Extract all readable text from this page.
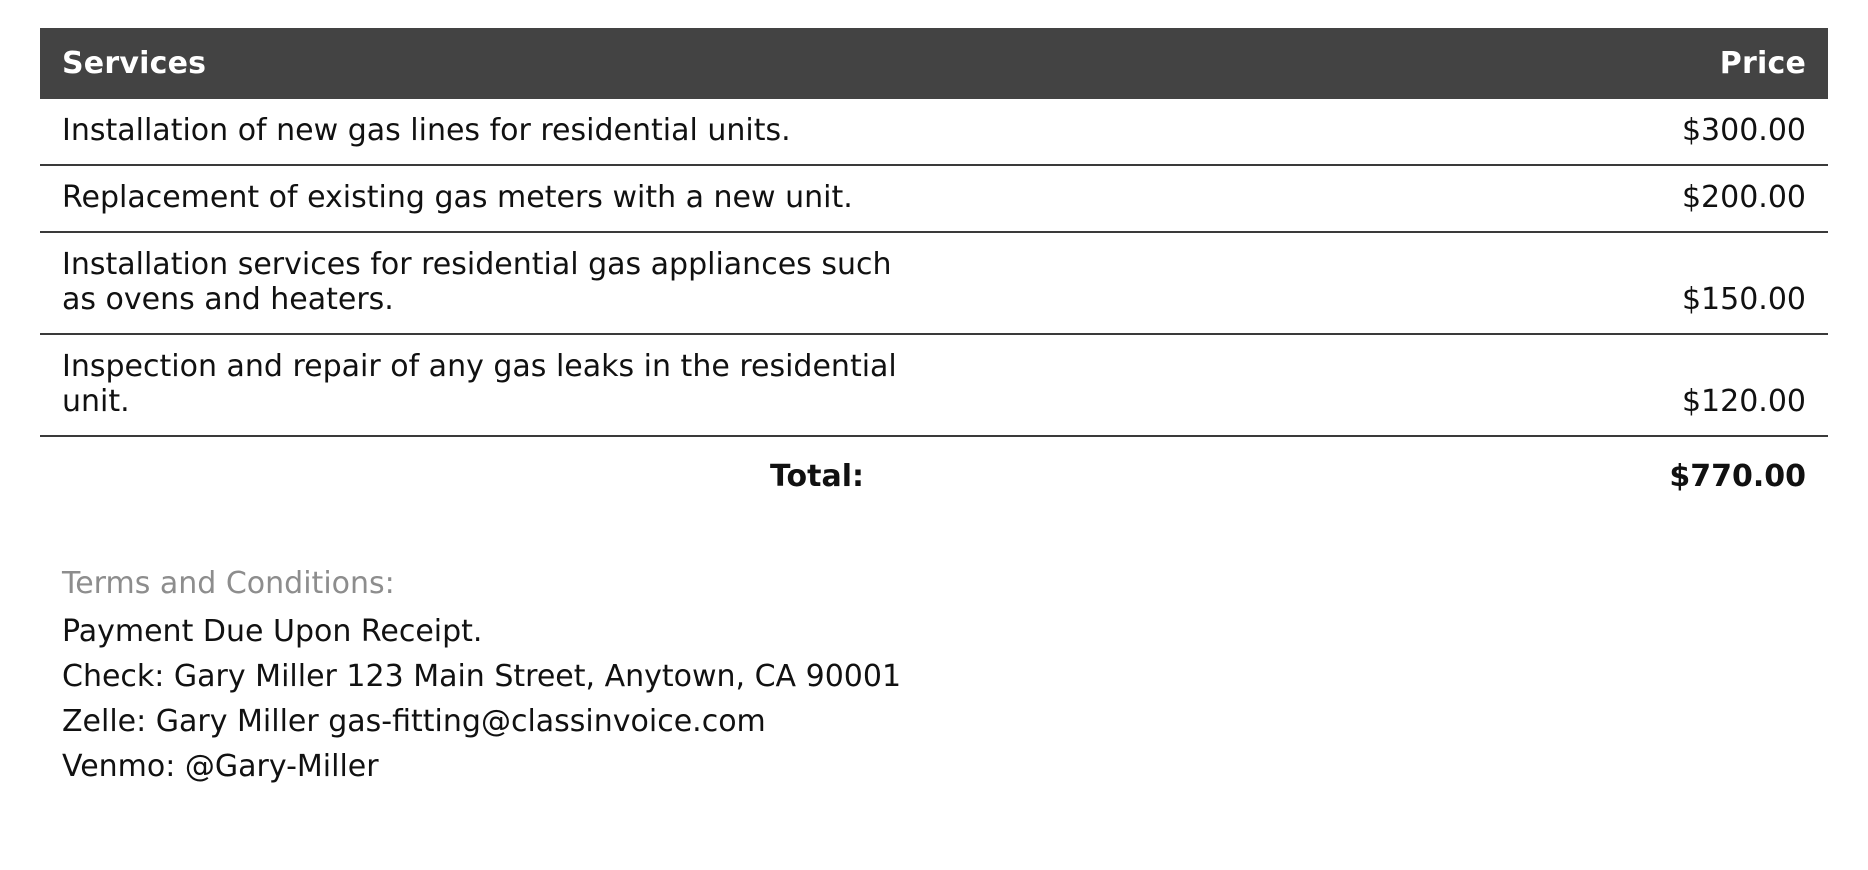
Services	Price
Installation of new gas lines for residential units.	$300.00
Replacement of existing gas meters with a new unit.	$200.00
Installation services for residential gas appliances such as ovens and heaters.	$150.00
Inspection and repair of any gas leaks in the residential unit.	$120.00
Total:	$770.00
Terms and Conditions:
Payment Due Upon Receipt.
Check: Gary Miller 123 Main Street, Anytown, CA 90001
Zelle: Gary Miller gas-fitting@classinvoice.com
Venmo: @Gary-Miller
